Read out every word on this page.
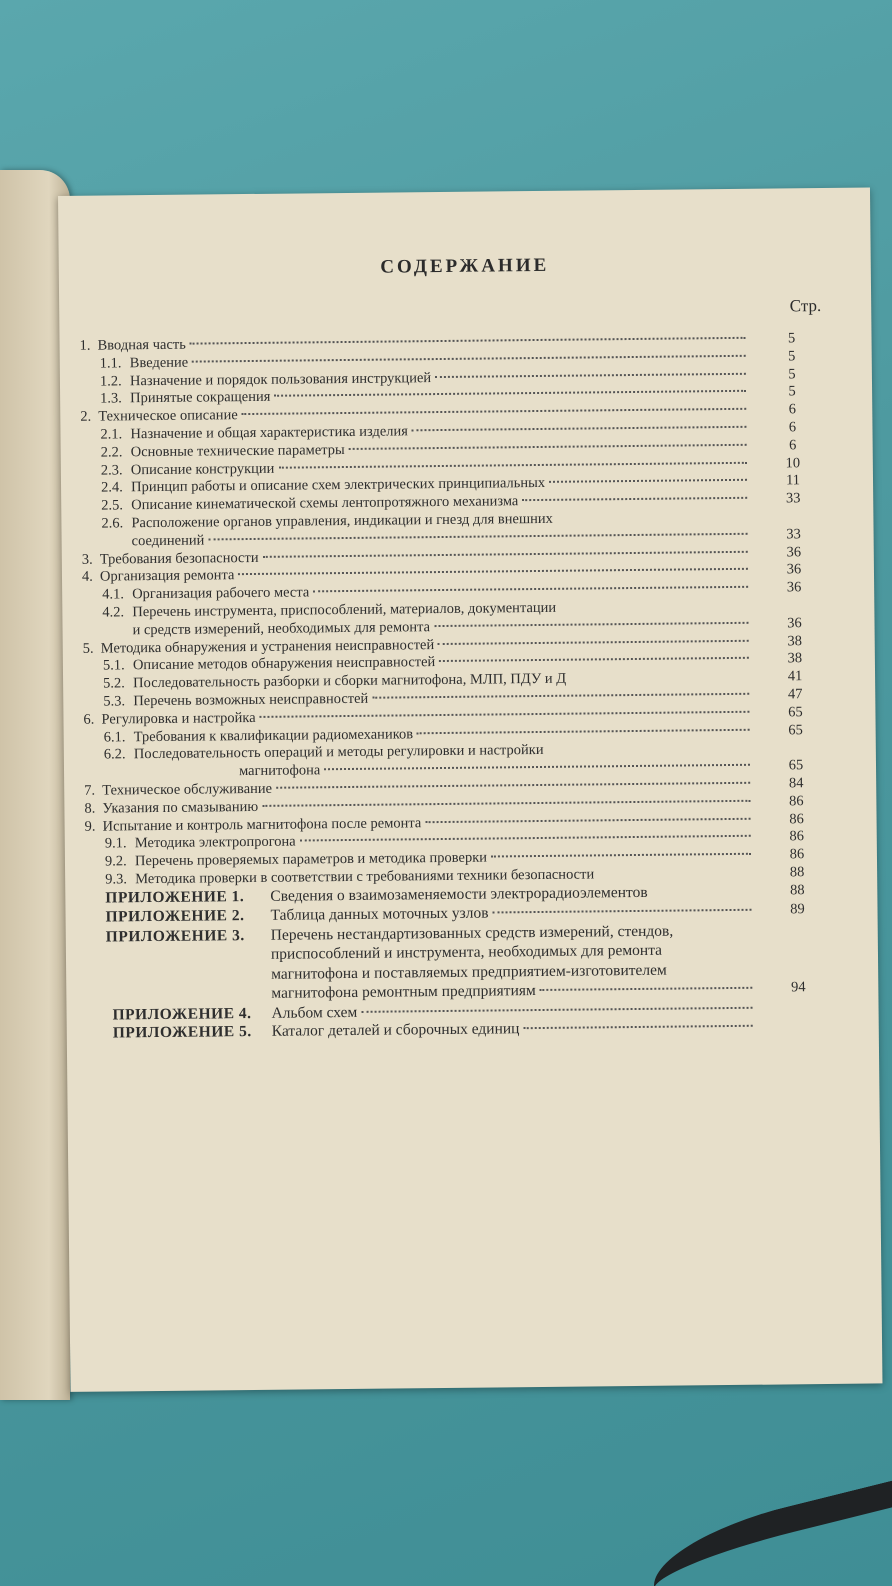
СОДЕРЖАНИЕ
Стр.
1. Вводная часть	5
1.1. Введение	5
1.2. Назначение и порядок пользования инструкцией	5
1.3. Принятые сокращения	5
2. Техническое описание	6
2.1. Назначение и общая характеристика изделия	6
2.2. Основные технические параметры	6
2.3. Описание конструкции	10
2.4. Принцип работы и описание схем электрических принципиальных	11
2.5. Описание кинематической схемы лентопротяжного механизма	33
2.6. Расположение органов управления, индикации и гнезд для внешних
соединений	33
3. Требования безопасности	36
4. Организация ремонта	36
4.1. Организация рабочего места	36
4.2. Перечень инструмента, приспособлений, материалов, документации
и средств измерений, необходимых для ремонта	36
5. Методика обнаружения и устранения неисправностей	38
5.1. Описание методов обнаружения неисправностей	38
5.2. Последовательность разборки и сборки магнитофона, МЛП, ПДУ и Д	41
5.3. Перечень возможных неисправностей	47
6. Регулировка и настройка	65
6.1. Требования к квалификации радиомехаников	65
6.2. Последовательность операций и методы регулировки и настройки
магнитофона	65
7. Техническое обслуживание	84
8. Указания по смазыванию	86
9. Испытание и контроль магнитофона после ремонта	86
9.1. Методика электропрогона	86
9.2. Перечень проверяемых параметров и методика проверки	86
9.3. Методика проверки в соответствии с требованиями техники безопасности	88
ПРИЛОЖЕНИЕ 1.	Сведения о взаимозаменяемости электрорадиоэлементов	88
ПРИЛОЖЕНИЕ 2.	Таблица данных моточных узлов	89
ПРИЛОЖЕНИЕ 3.	Перечень нестандартизованных средств измерений, стендов,
приспособлений и инструмента, необходимых для ремонта
магнитофона и поставляемых предприятием-изготовителем
магнитофона ремонтным предприятиям	94
ПРИЛОЖЕНИЕ 4.	Альбом схем
ПРИЛОЖЕНИЕ 5.	Каталог деталей и сборочных единиц
